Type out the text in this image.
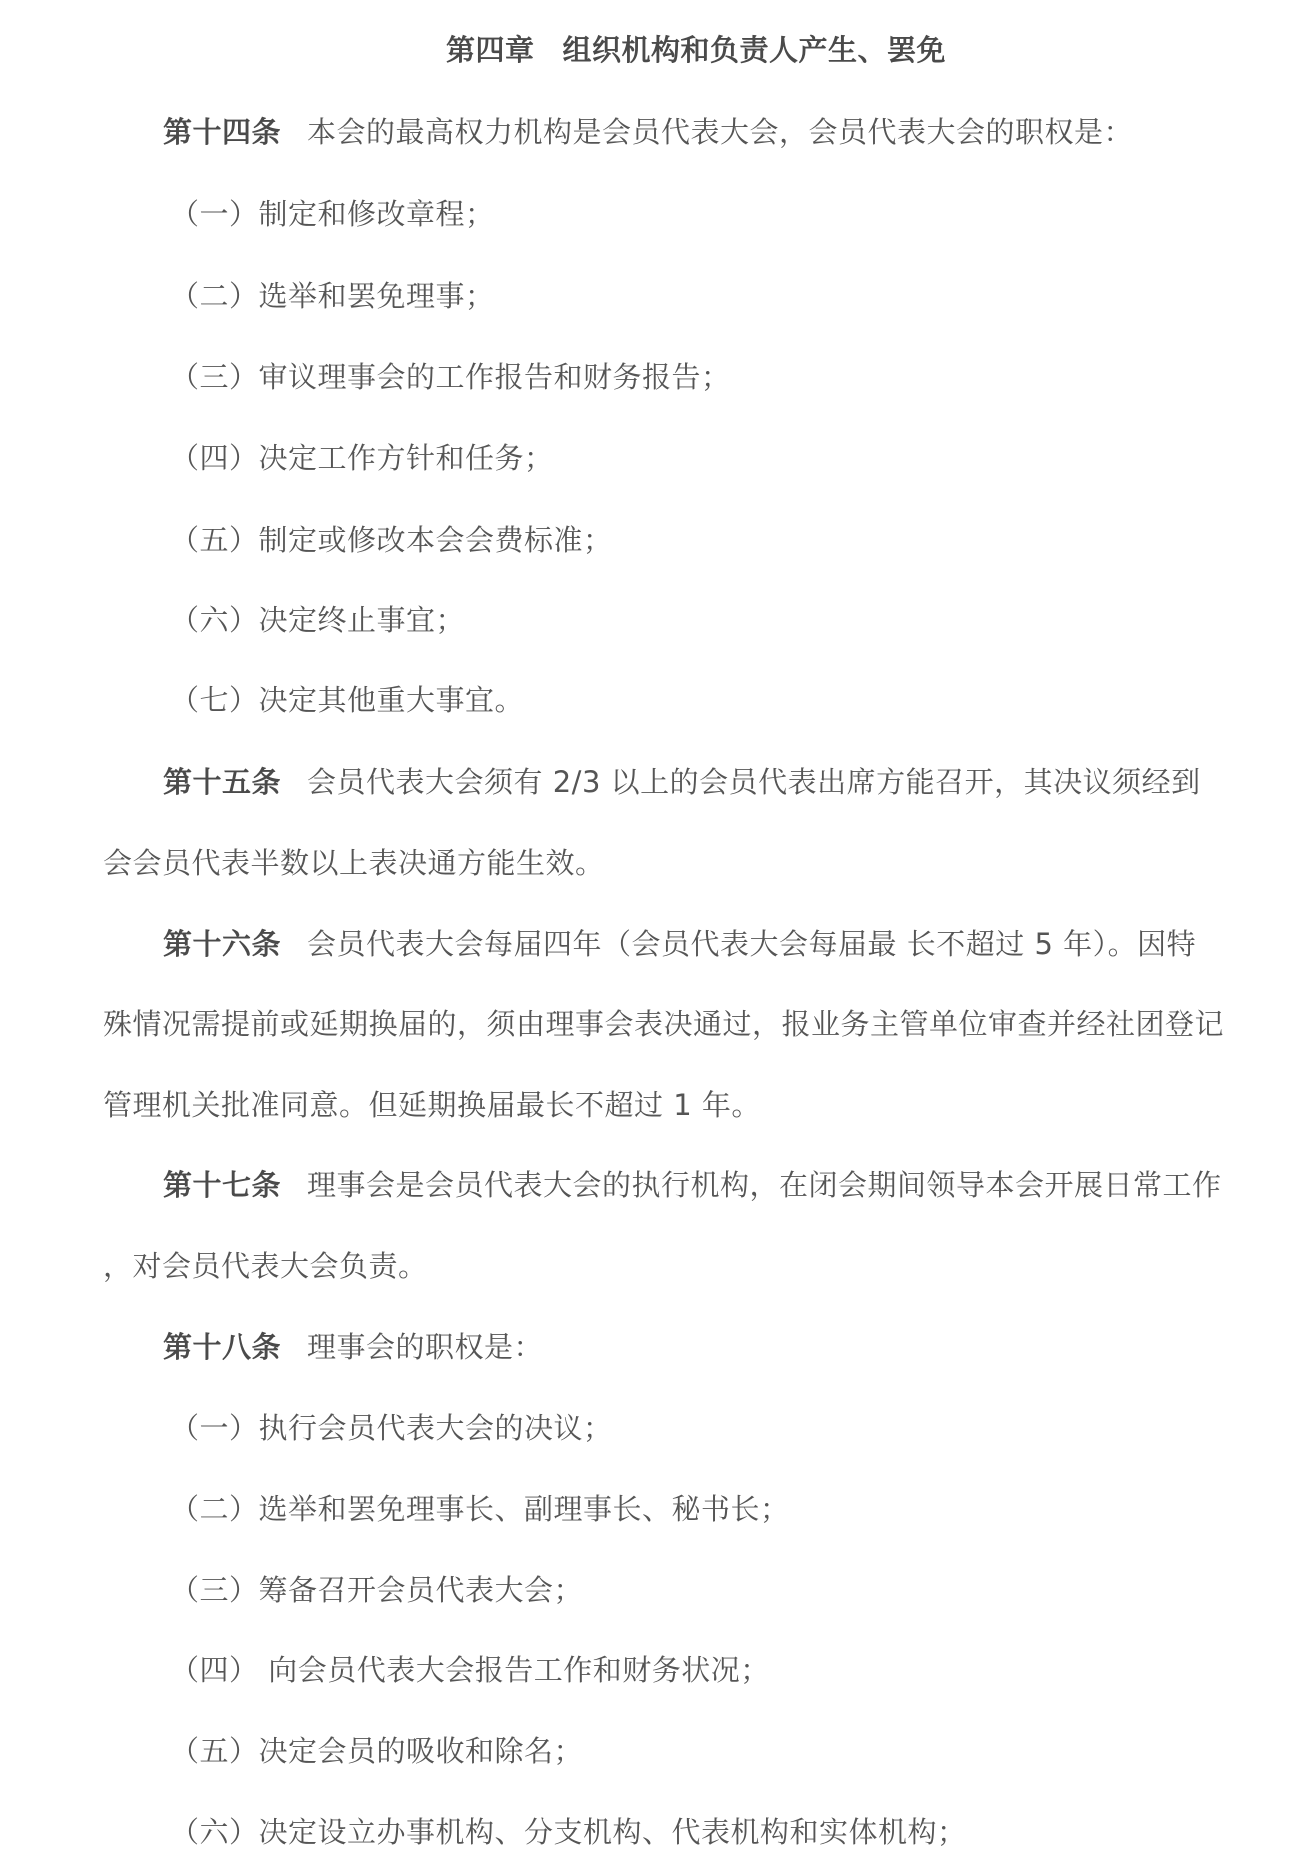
第四章 组织机构和负责人产生、罢免
第十四条 本会的最高权力机构是会员代表大会，会员代表大会的职权是：
（一）制定和修改章程；
（二）选举和罢免理事；
（三）审议理事会的工作报告和财务报告；
（四）决定工作方针和任务；
（五）制定或修改本会会费标准；
（六）决定终止事宜；
（七）决定其他重大事宜。
第十五条 会员代表大会须有 2/3 以上的会员代表出席方能召开，其决议须经到
会会员代表半数以上表决通方能生效。
第十六条 会员代表大会每届四年（会员代表大会每届最 长不超过 5 年）。因特
殊情况需提前或延期换届的，须由理事会表决通过，报业务主管单位审查并经社团登记
管理机关批准同意。但延期换届最长不超过 1 年。
第十七条 理事会是会员代表大会的执行机构，在闭会期间领导本会开展日常工作
，对会员代表大会负责。
第十八条 理事会的职权是：
（一）执行会员代表大会的决议；
（二）选举和罢免理事长、副理事长、秘书长；
（三）筹备召开会员代表大会；
（四） 向会员代表大会报告工作和财务状况；
（五）决定会员的吸收和除名；
（六）决定设立办事机构、分支机构、代表机构和实体机构；
